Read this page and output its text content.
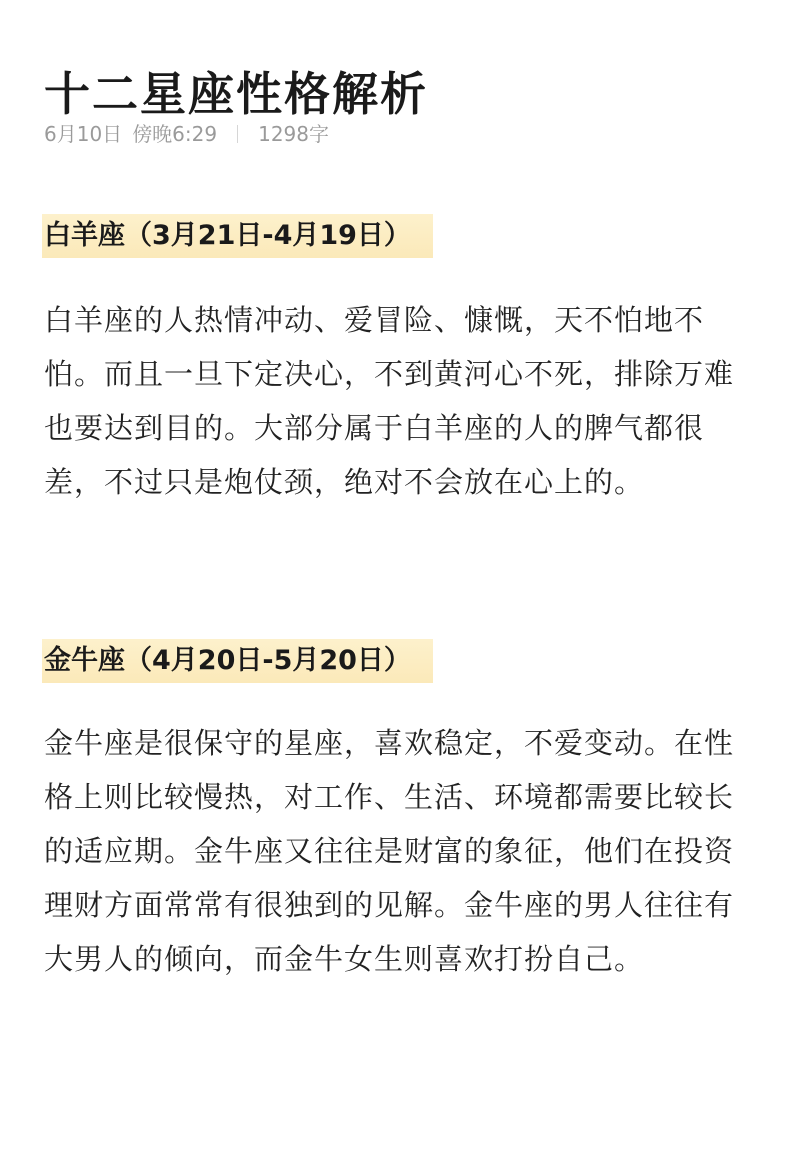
十二星座性格解析
6月10日 傍晚6:29 1298字
白羊座（3月21日-4月19日）

白羊座的人热情冲动、爱冒险、慷慨，天不怕地不怕。而且一旦下定决心，不到黄河心不死，排除万难也要达到目的。大部分属于白羊座的人的脾气都很差，不过只是炮仗颈，绝对不会放在心上的。

金牛座（4月20日-5月20日）

金牛座是很保守的星座，喜欢稳定，不爱变动。在性格上则比较慢热，对工作、生活、环境都需要比较长的适应期。金牛座又往往是财富的象征，他们在投资理财方面常常有很独到的见解。金牛座的男人往往有大男人的倾向，而金牛女生则喜欢打扮自己。
